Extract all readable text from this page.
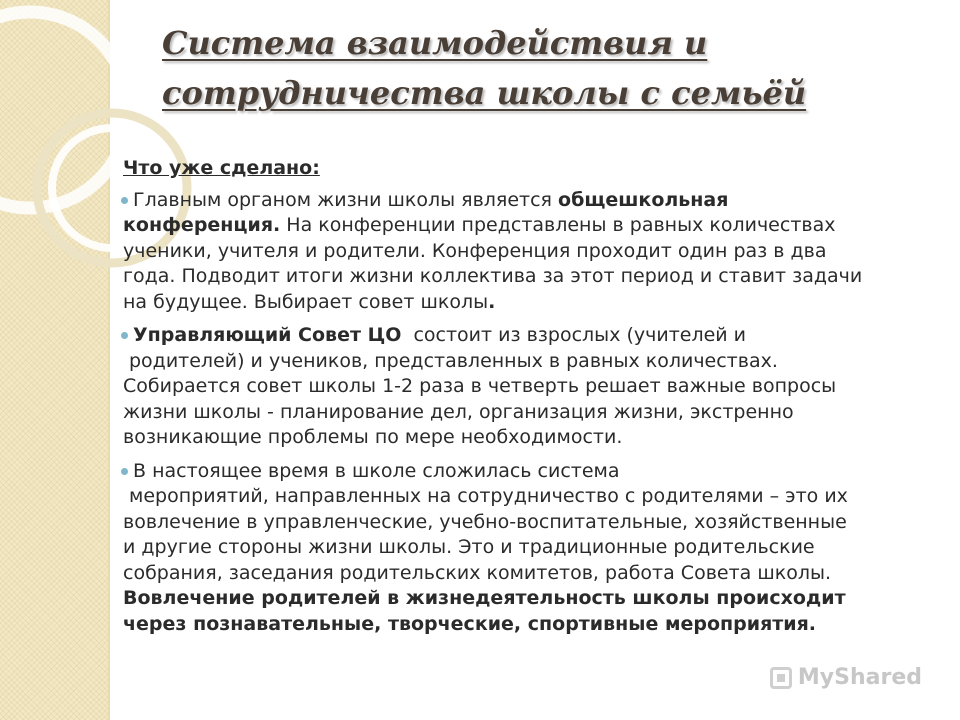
Система взаимодействия и
сотрудничества школы с семьёй
Что уже сделано:
Главным органом жизни школы является общешкольная
конференция. На конференции представлены в равных количествах
ученики, учителя и родители. Конференция проходит один раз в два
года. Подводит итоги жизни коллектива за этот период и ставит задачи
на будущее. Выбирает совет школы.
Управляющий Совет ЦО  состоит из взрослых (учителей и
родителей) и учеников, представленных в равных количествах.
Собирается совет школы 1-2 раза в четверть решает важные вопросы
жизни школы - планирование дел, организация жизни, экстренно
возникающие проблемы по мере необходимости.
В настоящее время в школе сложилась система
мероприятий, направленных на сотрудничество с родителями – это их
вовлечение в управленческие, учебно-воспитательные, хозяйственные
и другие стороны жизни школы. Это и традиционные родительские
собрания, заседания родительских комитетов, работа Совета школы.
Вовлечение родителей в жизнедеятельность школы происходит
через познавательные, творческие, спортивные мероприятия.
MyShared
